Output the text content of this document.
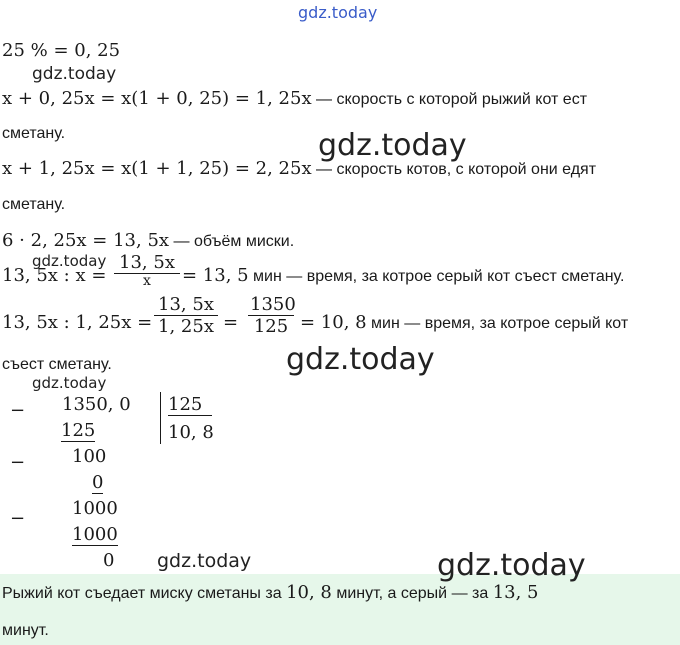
gdz.today
gdz.today
gdz.today
gdz.today
gdz.today
gdz.today
gdz.today	gdz.today
25 % = 0, 25
x + 0, 25x = x(1 + 0, 25) = 1, 25x — скорость с которой рыжий кот ест
сметану.
x + 1, 25x = x(1 + 1, 25) = 2, 25x — скорость котов, с которой они едят
сметану.
6 · 2, 25x = 13, 5x — объём миски.
13, 5x : x =
13, 5x
x	= 13, 5 мин — время, за котрое серый кот съест сметану.
13, 5x : 1, 25x =
13, 5x
1, 25x =
1350
125 = 10, 8 мин — время, за котрое серый кот
съест сметану.
−
−
−
1350, 0 125
10, 8
125
100
0
1000
1000
0
Рыжий кот съедает миску сметаны за 10, 8 минут, а серый — за 13, 5
минут.
